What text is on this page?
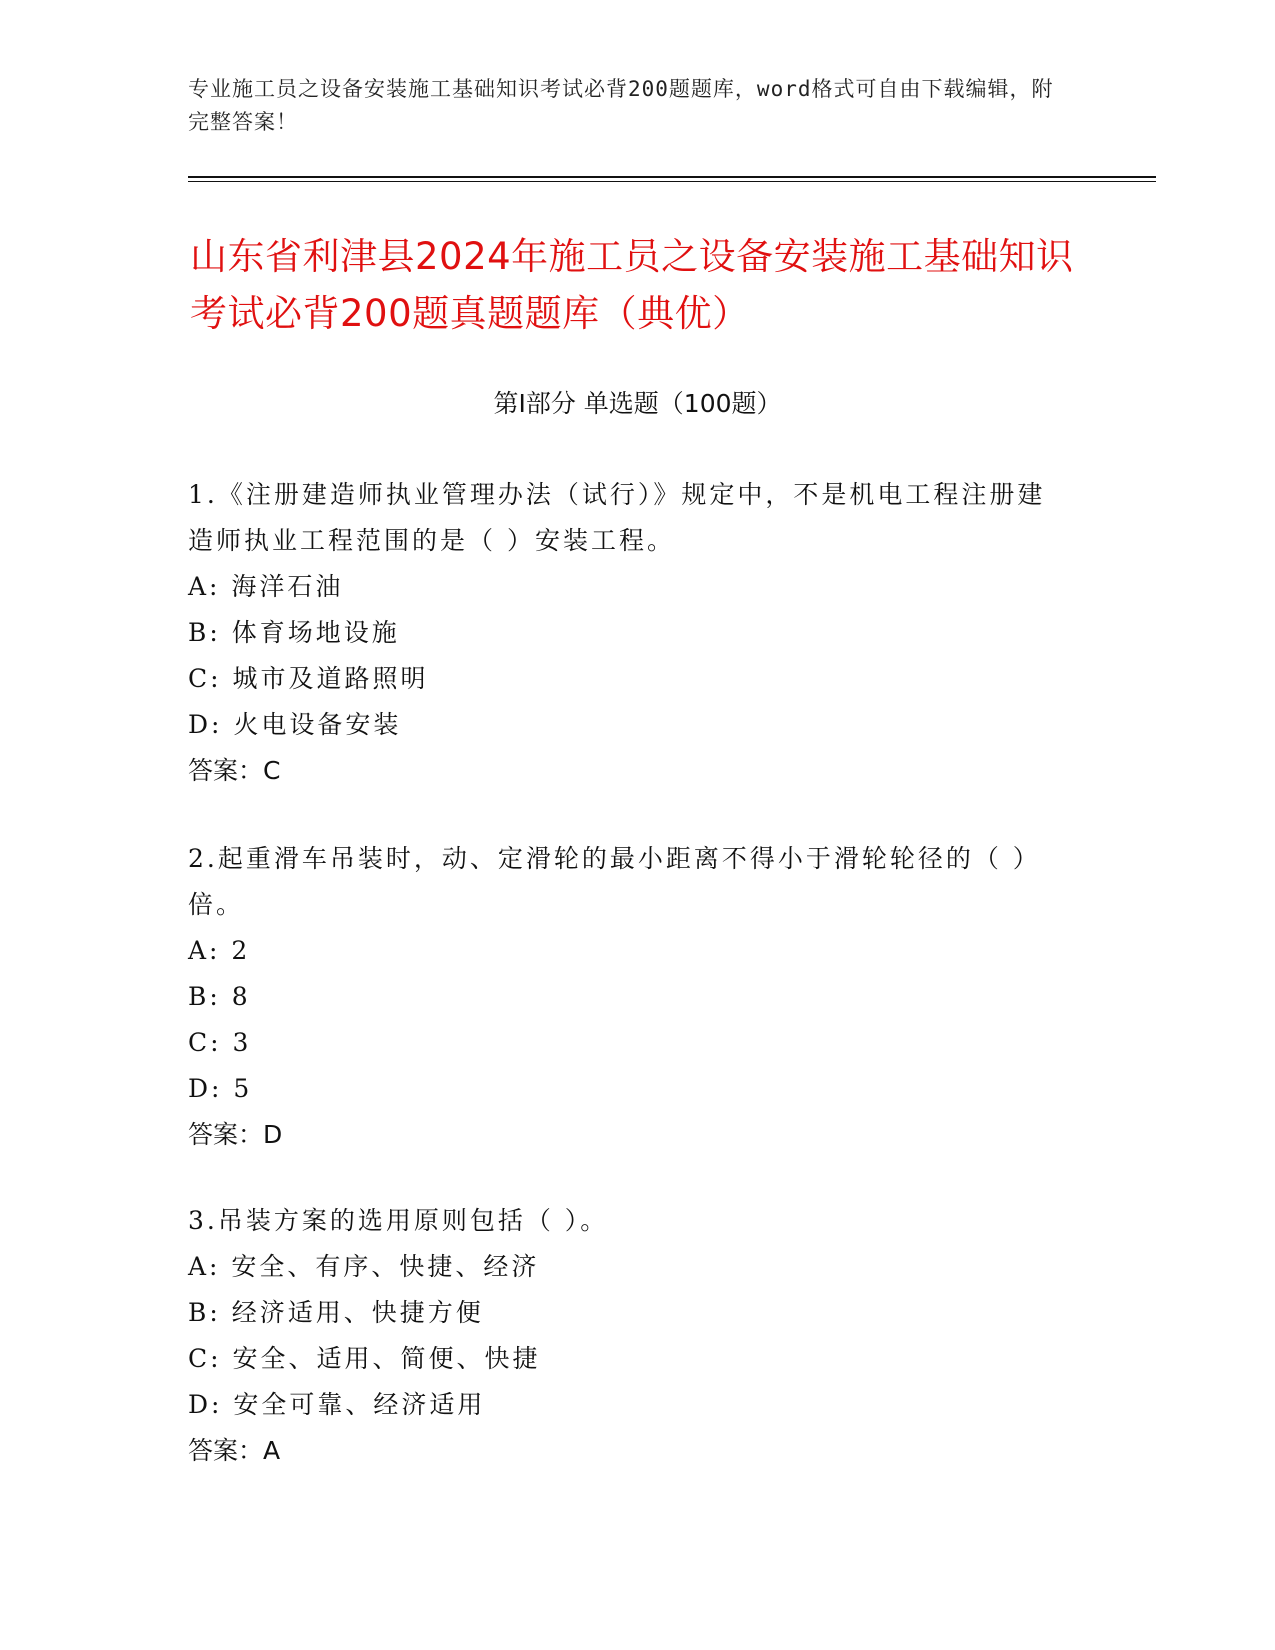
专业施工员之设备安装施工基础知识考试必背200题题库，word格式可自由下载编辑，附完整答案！
山东省利津县2024年施工员之设备安装施工基础知识考试必背200题真题题库（典优）
第I部分 单选题（100题）
1.《注册建造师执业管理办法（试行）》规定中，不是机电工程注册建造师执业工程范围的是（ ）安装工程。
A: 海洋石油
B: 体育场地设施
C: 城市及道路照明
D: 火电设备安装
答案：C
2.起重滑车吊装时，动、定滑轮的最小距离不得小于滑轮轮径的（ ）倍。
A: 2
B: 8
C: 3
D: 5
答案：D
3.吊装方案的选用原则包括（ ）。
A: 安全、有序、快捷、经济
B: 经济适用、快捷方便
C: 安全、适用、简便、快捷
D: 安全可靠、经济适用
答案：A
